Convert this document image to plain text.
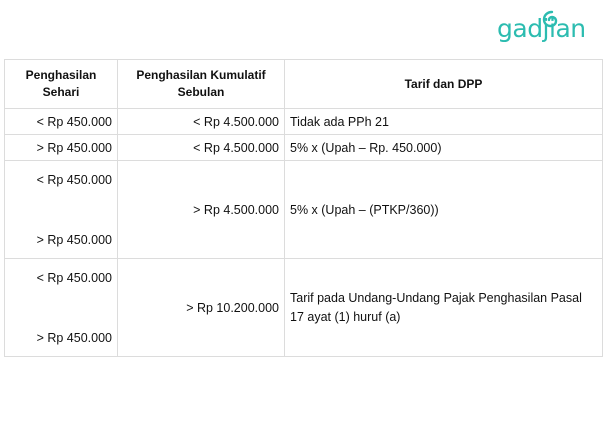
gadjian
Penghasilan Sehari	Penghasilan Kumulatif Sebulan	Tarif dan DPP
< Rp 450.000	< Rp 4.500.000	Tidak ada PPh 21
> Rp 450.000	< Rp 4.500.000	5% x (Upah – Rp. 450.000)

< Rp 450.000
> Rp 450.000	> Rp 4.500.000	5% x (Upah – (PTKP/360))

< Rp 450.000
> Rp 450.000	> Rp 10.200.000	Tarif pada Undang-Undang Pajak Penghasilan Pasal 17 ayat (1) huruf (a)
